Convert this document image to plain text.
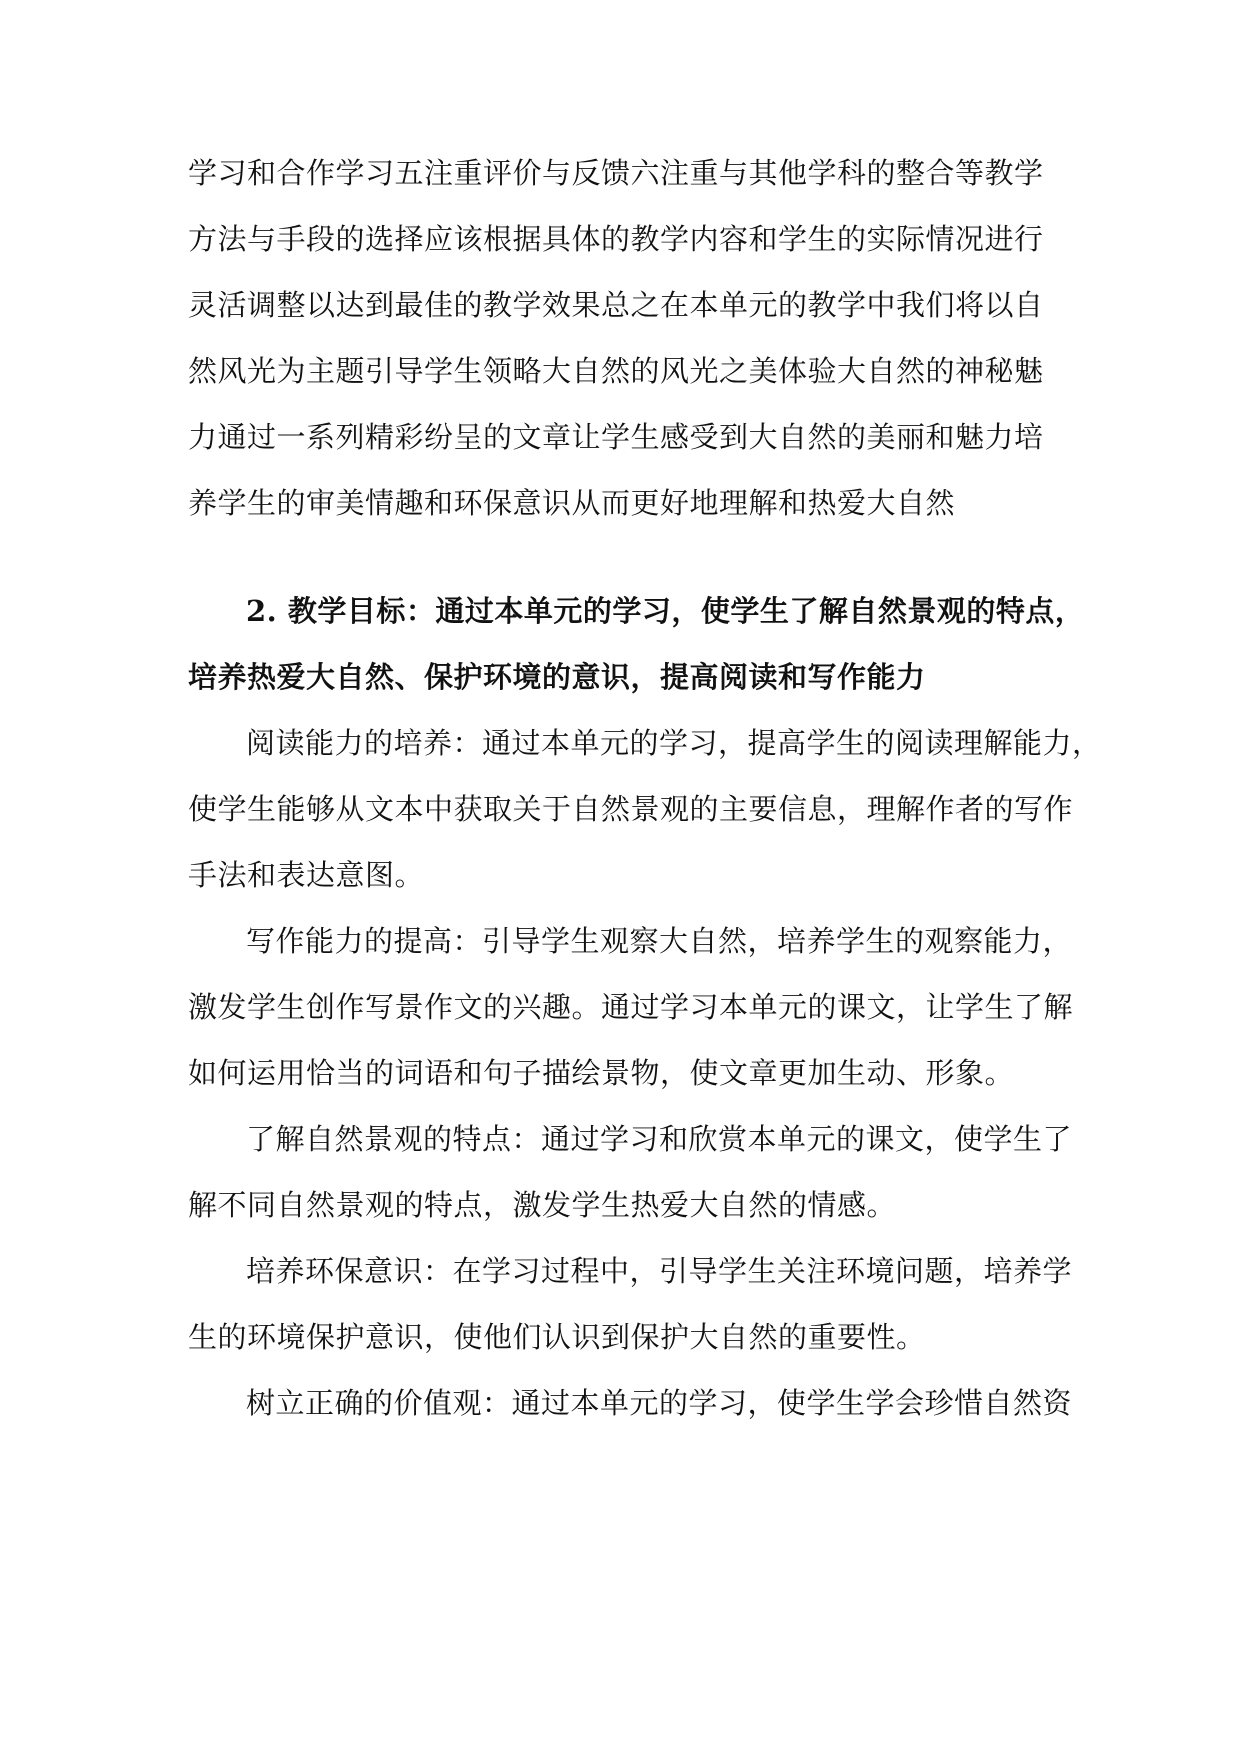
学习和合作学习五注重评价与反馈六注重与其他学科的整合等教学
方法与手段的选择应该根据具体的教学内容和学生的实际情况进行
灵活调整以达到最佳的教学效果总之在本单元的教学中我们将以自
然风光为主题引导学生领略大自然的风光之美体验大自然的神秘魅
力通过一系列精彩纷呈的文章让学生感受到大自然的美丽和魅力培
养学生的审美情趣和环保意识从而更好地理解和热爱大自然
2. 教学目标：通过本单元的学习，使学生了解自然景观的特点，
培养热爱大自然、保护环境的意识，提高阅读和写作能力
阅读能力的培养：通过本单元的学习，提高学生的阅读理解能力，
使学生能够从文本中获取关于自然景观的主要信息，理解作者的写作
手法和表达意图。
写作能力的提高：引导学生观察大自然，培养学生的观察能力，
激发学生创作写景作文的兴趣。通过学习本单元的课文，让学生了解
如何运用恰当的词语和句子描绘景物，使文章更加生动、形象。
了解自然景观的特点：通过学习和欣赏本单元的课文，使学生了
解不同自然景观的特点，激发学生热爱大自然的情感。
培养环保意识：在学习过程中，引导学生关注环境问题，培养学
生的环境保护意识，使他们认识到保护大自然的重要性。
树立正确的价值观：通过本单元的学习，使学生学会珍惜自然资
